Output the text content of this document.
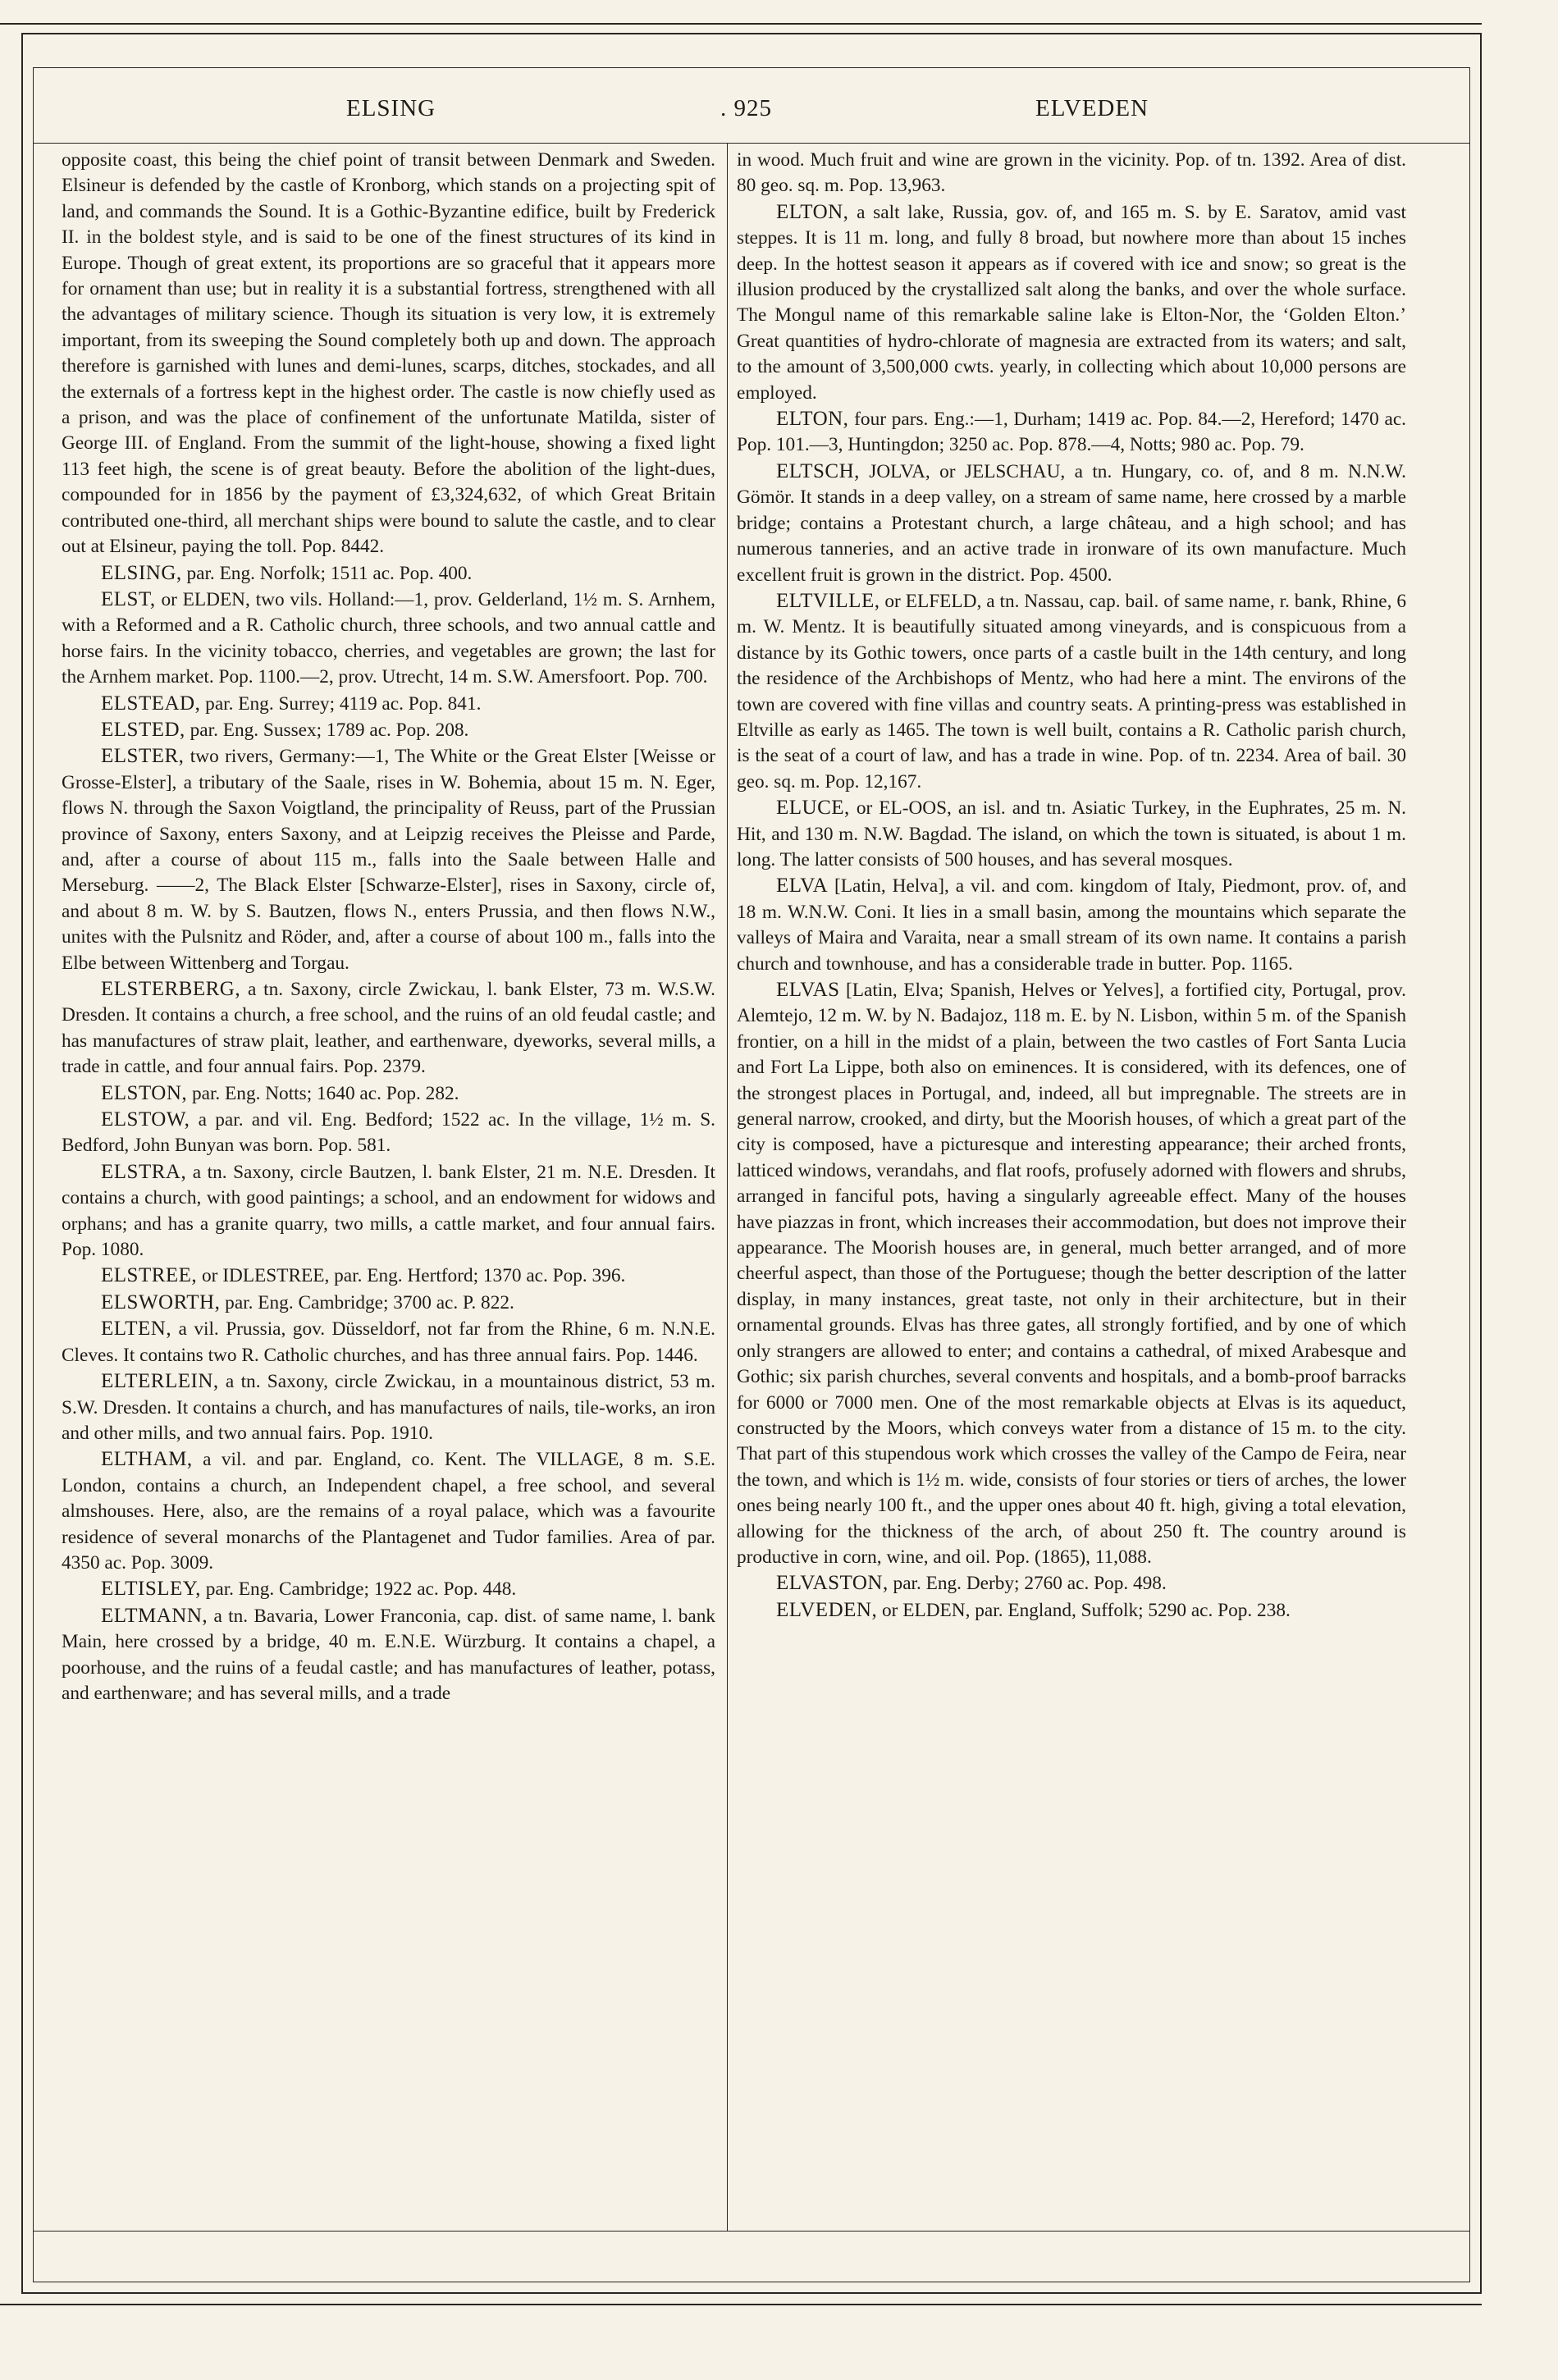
ELSING	. 925	ELVEDEN

opposite coast, this being the chief point of transit between Denmark and Sweden. Elsineur is defended by the castle of Kronborg, which stands on a projecting spit of land, and commands the Sound. It is a Gothic-Byzantine edifice, built by Frederick II. in the boldest style, and is said to be one of the finest structures of its kind in Europe. Though of great extent, its proportions are so graceful that it appears more for ornament than use; but in reality it is a substantial fortress, strengthened with all the advantages of military science. Though its situation is very low, it is extremely important, from its sweeping the Sound completely both up and down. The approach therefore is garnished with lunes and demi-lunes, scarps, ditches, stockades, and all the externals of a fortress kept in the highest order. The castle is now chiefly used as a prison, and was the place of confinement of the unfortunate Matilda, sister of George III. of England. From the summit of the light-house, showing a fixed light 113 feet high, the scene is of great beauty. Before the abolition of the light-dues, compounded for in 1856 by the payment of £3,324,632, of which Great Britain contributed one-third, all merchant ships were bound to salute the castle, and to clear out at Elsineur, paying the toll. Pop. 8442.

ELSING, par. Eng. Norfolk; 1511 ac. Pop. 400.

ELST, or ELDEN, two vils. Holland:—1, prov. Gelderland, 1½ m. S. Arnhem, with a Reformed and a R. Catholic church, three schools, and two annual cattle and horse fairs. In the vicinity tobacco, cherries, and vegetables are grown; the last for the Arnhem market. Pop. 1100.—2, prov. Utrecht, 14 m. S.W. Amersfoort. Pop. 700.

ELSTEAD, par. Eng. Surrey; 4119 ac. Pop. 841.

ELSTED, par. Eng. Sussex; 1789 ac. Pop. 208.

ELSTER, two rivers, Germany:—1, The White or the Great Elster [Weisse or Grosse-Elster], a tributary of the Saale, rises in W. Bohemia, about 15 m. N. Eger, flows N. through the Saxon Voigtland, the principality of Reuss, part of the Prussian province of Saxony, enters Saxony, and at Leipzig receives the Pleisse and Parde, and, after a course of about 115 m., falls into the Saale between Halle and Merseburg. ——2, The Black Elster [Schwarze-Elster], rises in Saxony, circle of, and about 8 m. W. by S. Bautzen, flows N., enters Prussia, and then flows N.W., unites with the Pulsnitz and Röder, and, after a course of about 100 m., falls into the Elbe between Wittenberg and Torgau.

ELSTERBERG, a tn. Saxony, circle Zwickau, l. bank Elster, 73 m. W.S.W. Dresden. It contains a church, a free school, and the ruins of an old feudal castle; and has manufactures of straw plait, leather, and earthenware, dyeworks, several mills, a trade in cattle, and four annual fairs. Pop. 2379.

ELSTON, par. Eng. Notts; 1640 ac. Pop. 282.

ELSTOW, a par. and vil. Eng. Bedford; 1522 ac. In the village, 1½ m. S. Bedford, John Bunyan was born. Pop. 581.

ELSTRA, a tn. Saxony, circle Bautzen, l. bank Elster, 21 m. N.E. Dresden. It contains a church, with good paintings; a school, and an endowment for widows and orphans; and has a granite quarry, two mills, a cattle market, and four annual fairs. Pop. 1080.

ELSTREE, or IDLESTREE, par. Eng. Hertford; 1370 ac. Pop. 396.

ELSWORTH, par. Eng. Cambridge; 3700 ac. P. 822.

ELTEN, a vil. Prussia, gov. Düsseldorf, not far from the Rhine, 6 m. N.N.E. Cleves. It contains two R. Catholic churches, and has three annual fairs. Pop. 1446.

ELTERLEIN, a tn. Saxony, circle Zwickau, in a mountainous district, 53 m. S.W. Dresden. It contains a church, and has manufactures of nails, tile-works, an iron and other mills, and two annual fairs. Pop. 1910.

ELTHAM, a vil. and par. England, co. Kent. The VILLAGE, 8 m. S.E. London, contains a church, an Independent chapel, a free school, and several almshouses. Here, also, are the remains of a royal palace, which was a favourite residence of several monarchs of the Plantagenet and Tudor families. Area of par. 4350 ac. Pop. 3009.

ELTISLEY, par. Eng. Cambridge; 1922 ac. Pop. 448.

ELTMANN, a tn. Bavaria, Lower Franconia, cap. dist. of same name, l. bank Main, here crossed by a bridge, 40 m. E.N.E. Würzburg. It contains a chapel, a poorhouse, and the ruins of a feudal castle; and has manufactures of leather, potass, and earthenware; and has several mills, and a trade

in wood. Much fruit and wine are grown in the vicinity. Pop. of tn. 1392. Area of dist. 80 geo. sq. m. Pop. 13,963.

ELTON, a salt lake, Russia, gov. of, and 165 m. S. by E. Saratov, amid vast steppes. It is 11 m. long, and fully 8 broad, but nowhere more than about 15 inches deep. In the hottest season it appears as if covered with ice and snow; so great is the illusion produced by the crystallized salt along the banks, and over the whole surface. The Mongul name of this remarkable saline lake is Elton-Nor, the ‘Golden Elton.’ Great quantities of hydro-chlorate of magnesia are extracted from its waters; and salt, to the amount of 3,500,000 cwts. yearly, in collecting which about 10,000 persons are employed.

ELTON, four pars. Eng.:—1, Durham; 1419 ac. Pop. 84.—2, Hereford; 1470 ac. Pop. 101.—3, Huntingdon; 3250 ac. Pop. 878.—4, Notts; 980 ac. Pop. 79.

ELTSCH, JOLVA, or JELSCHAU, a tn. Hungary, co. of, and 8 m. N.N.W. Gömör. It stands in a deep valley, on a stream of same name, here crossed by a marble bridge; contains a Protestant church, a large château, and a high school; and has numerous tanneries, and an active trade in ironware of its own manufacture. Much excellent fruit is grown in the district. Pop. 4500.

ELTVILLE, or ELFELD, a tn. Nassau, cap. bail. of same name, r. bank, Rhine, 6 m. W. Mentz. It is beautifully situated among vineyards, and is conspicuous from a distance by its Gothic towers, once parts of a castle built in the 14th century, and long the residence of the Archbishops of Mentz, who had here a mint. The environs of the town are covered with fine villas and country seats. A printing-press was established in Eltville as early as 1465. The town is well built, contains a R. Catholic parish church, is the seat of a court of law, and has a trade in wine. Pop. of tn. 2234. Area of bail. 30 geo. sq. m. Pop. 12,167.

ELUCE, or EL-OOS, an isl. and tn. Asiatic Turkey, in the Euphrates, 25 m. N. Hit, and 130 m. N.W. Bagdad. The island, on which the town is situated, is about 1 m. long. The latter consists of 500 houses, and has several mosques.

ELVA [Latin, Helva], a vil. and com. kingdom of Italy, Piedmont, prov. of, and 18 m. W.N.W. Coni. It lies in a small basin, among the mountains which separate the valleys of Maira and Varaita, near a small stream of its own name. It contains a parish church and townhouse, and has a considerable trade in butter. Pop. 1165.

ELVAS [Latin, Elva; Spanish, Helves or Yelves], a fortified city, Portugal, prov. Alemtejo, 12 m. W. by N. Badajoz, 118 m. E. by N. Lisbon, within 5 m. of the Spanish frontier, on a hill in the midst of a plain, between the two castles of Fort Santa Lucia and Fort La Lippe, both also on eminences. It is considered, with its defences, one of the strongest places in Portugal, and, indeed, all but impregnable. The streets are in general narrow, crooked, and dirty, but the Moorish houses, of which a great part of the city is composed, have a picturesque and interesting appearance; their arched fronts, latticed windows, verandahs, and flat roofs, profusely adorned with flowers and shrubs, arranged in fanciful pots, having a singularly agreeable effect. Many of the houses have piazzas in front, which increases their accommodation, but does not improve their appearance. The Moorish houses are, in general, much better arranged, and of more cheerful aspect, than those of the Portuguese; though the better description of the latter display, in many instances, great taste, not only in their architecture, but in their ornamental grounds. Elvas has three gates, all strongly fortified, and by one of which only strangers are allowed to enter; and contains a cathedral, of mixed Arabesque and Gothic; six parish churches, several convents and hospitals, and a bomb-proof barracks for 6000 or 7000 men. One of the most remarkable objects at Elvas is its aqueduct, constructed by the Moors, which conveys water from a distance of 15 m. to the city. That part of this stupendous work which crosses the valley of the Campo de Feira, near the town, and which is 1½ m. wide, consists of four stories or tiers of arches, the lower ones being nearly 100 ft., and the upper ones about 40 ft. high, giving a total elevation, allowing for the thickness of the arch, of about 250 ft. The country around is productive in corn, wine, and oil. Pop. (1865), 11,088.

ELVASTON, par. Eng. Derby; 2760 ac. Pop. 498.

ELVEDEN, or ELDEN, par. England, Suffolk; 5290 ac. Pop. 238.
